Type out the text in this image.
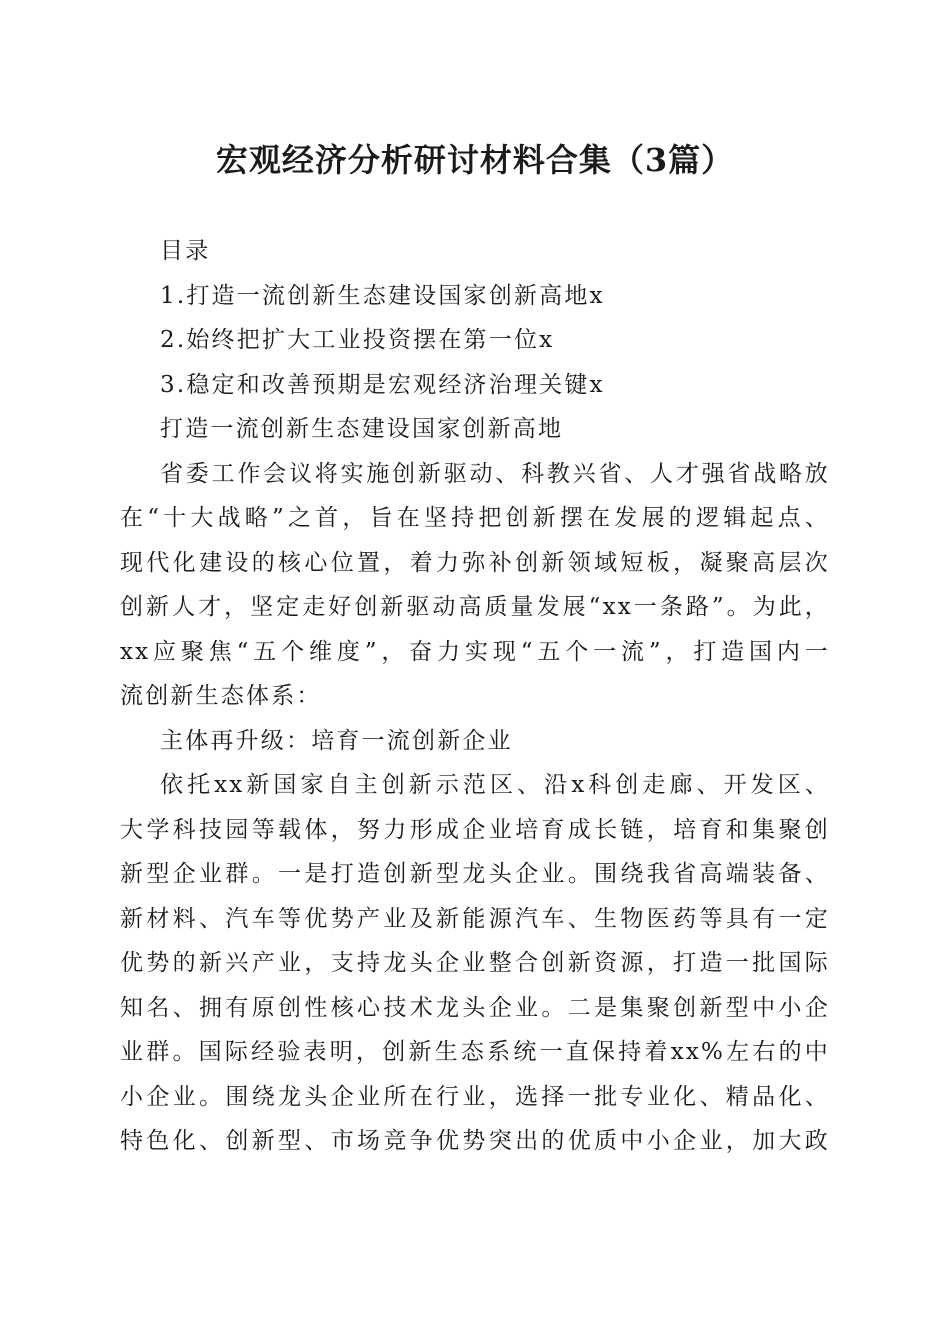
宏观经济分析研讨材料合集（3篇）

目录

1.打造一流创新生态建设国家创新高地x

2.始终把扩大工业投资摆在第一位x

3.稳定和改善预期是宏观经济治理关键x

打造一流创新生态建设国家创新高地

省委工作会议将实施创新驱动、科教兴省、人才强省战略放

在“十大战略”之首，旨在坚持把创新摆在发展的逻辑起点、

现代化建设的核心位置，着力弥补创新领域短板，凝聚高层次

创新人才，坚定走好创新驱动高质量发展“xx一条路”。为此，

xx应聚焦“五个维度”，奋力实现“五个一流”，打造国内一

流创新生态体系：

主体再升级：培育一流创新企业

依托xx新国家自主创新示范区、沿x科创走廊、开发区、

大学科技园等载体，努力形成企业培育成长链，培育和集聚创

新型企业群。一是打造创新型龙头企业。围绕我省高端装备、

新材料、汽车等优势产业及新能源汽车、生物医药等具有一定

优势的新兴产业，支持龙头企业整合创新资源，打造一批国际

知名、拥有原创性核心技术龙头企业。二是集聚创新型中小企

业群。国际经验表明，创新生态系统一直保持着xx%左右的中

小企业。围绕龙头企业所在行业，选择一批专业化、精品化、

特色化、创新型、市场竞争优势突出的优质中小企业，加大政
